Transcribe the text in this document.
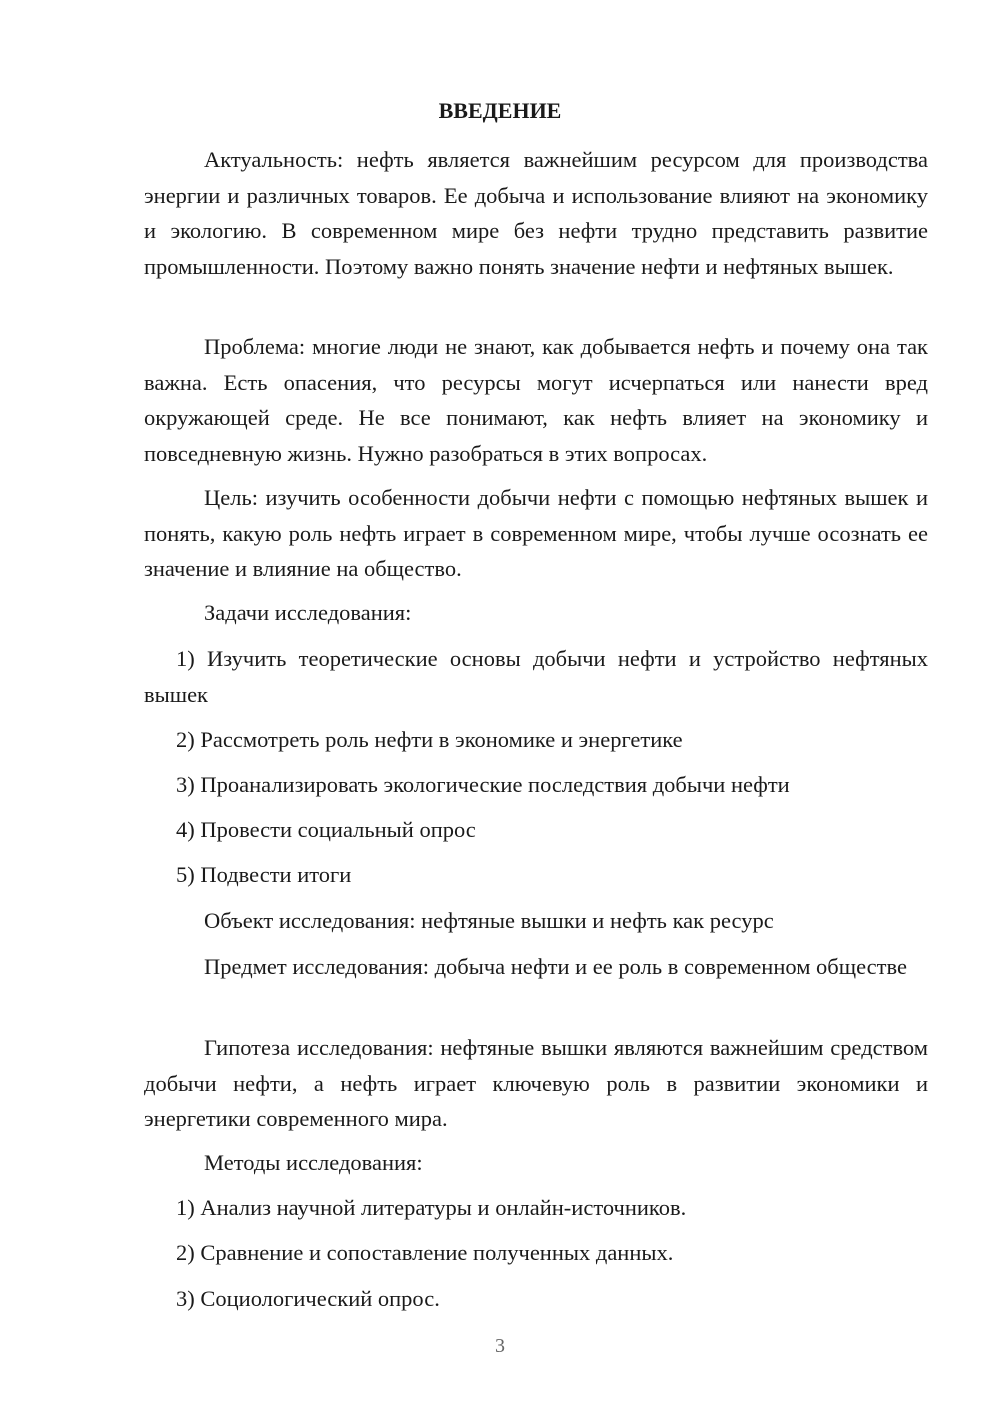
ВВЕДЕНИЕ

Актуальность: нефть является важнейшим ресурсом для производства энергии и различных товаров. Ее добыча и использование влияют на экономику и экологию. В современном мире без нефти трудно представить развитие промышленности. Поэтому важно понять значение нефти и нефтяных вышек.

Проблема: многие люди не знают, как добывается нефть и почему она так важна. Есть опасения, что ресурсы могут исчерпаться или нанести вред окружающей среде. Не все понимают, как нефть влияет на экономику и повседневную жизнь. Нужно разобраться в этих вопросах.

Цель: изучить особенности добычи нефти с помощью нефтяных вышек и понять, какую роль нефть играет в современном мире, чтобы лучше осознать ее значение и влияние на общество.

Задачи исследования:

1) Изучить теоретические основы добычи нефти и устройство нефтяных вышек

2) Рассмотреть роль нефти в экономике и энергетике

3) Проанализировать экологические последствия добычи нефти

4) Провести социальный опрос

5) Подвести итоги

Объект исследования: нефтяные вышки и нефть как ресурс

Предмет исследования: добыча нефти и ее роль в современном обществе

Гипотеза исследования: нефтяные вышки являются важнейшим средством добычи нефти, а нефть играет ключевую роль в развитии экономики и энергетики современного мира.

Методы исследования:

1) Анализ научной литературы и онлайн-источников.

2) Сравнение и сопоставление полученных данных.

3) Социологический опрос.

3
